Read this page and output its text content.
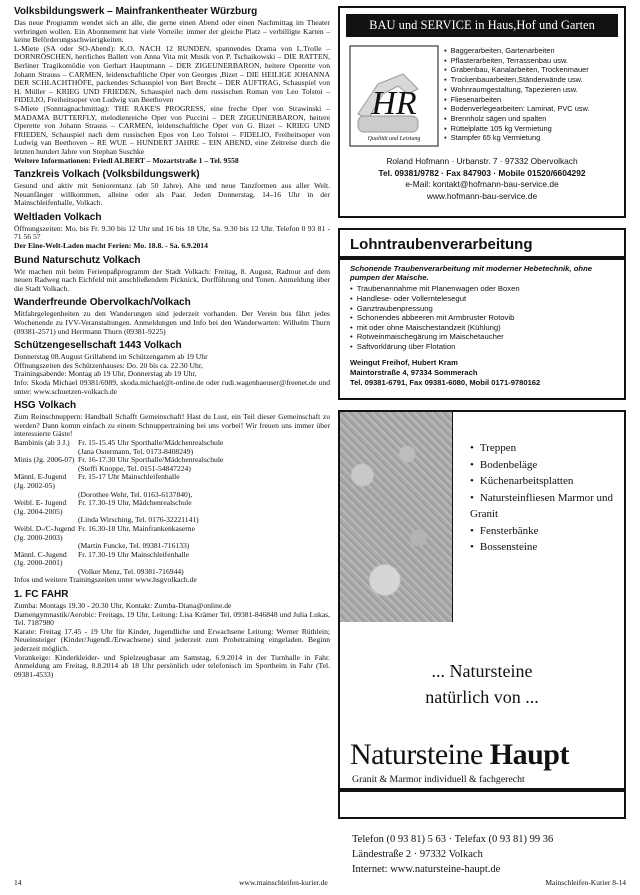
Volksbildungswerk – Mainfrankentheater Würzburg

Das neue Programm wendet sich an alle, die gerne einen Abend oder einen Nachmittag im Theater verbringen wollen. Ein Abonnement hat viele Vorteile: immer der gleiche Platz – verbilligte Karten – keine Beförderungsschwierigkeiten.

L-Miete (SA oder SO-Abend): K.O. NACH 12 RUNDEN, spannendes Drama von L.Trolle – DORNRÖSCHEN, herrliches Ballett von Anna Vita mit Musik von P. Tschaikowski – DIE RATTEN, Berliner Tragikomödie von Gerhart Hauptmann – DER ZIGEUNERBARON, heitere Operette von Johann Strauss – CARMEN, leidenschaftliche Oper von Georges ,Bizet – DIE HEILIGE JOHANNA DER SCHLACHTHÖFE, packendes Schauspiel von Bert Brecht – DER AUFTRAG, Schauspiel von H. Müller – KRIEG UND FRIEDEN, Schauspiel nach dem russischen Roman von Leo Tolstoi – FIDELIO, Freiheitsoper von Ludwig van Beethoven

S-Miete (Sonntagnachmittag): THE RAKE'S PROGRESS, eine freche Oper von Strawinski – MADAMA BUTTERFLY, melodienreiche Oper von Puccini – DER ZIGEUNERBARON, heitere Operette von Johann Strauss – CARMEN, leidenschaftliche Oper von G. Bizet – KRIEG UND FRIEDEN, Schauspiel nach dem russischen Epos von Leo Tolstoi – FIDELIO, Freiheitsoper von Ludwig van Beethoven – RE WUE – HUNDERT JAHRE – EIN ABEND, eine Zeitreise durch die letzten hundert Jahre von Stephan Suschke

Weitere Informationen: Friedl ALBERT – Mozartstraße 1 – Tel. 9558

Tanzkreis Volkach (Volksbildungswerk)

Gesund und aktiv mit Seniorentanz (ab 50 Jahre). Alte und neue Tanzformen aus aller Welt. Neuanfänger willkommen, alleine oder als Paar. Jeden Donnerstag, 14–16 Uhr in der Mainschleifenhalle, Volkach.

Weltladen Volkach

Öffnungszeiten: Mo. bis Fr. 9.30 bis 12 Uhr und 16 bis 18 Uhr, Sa. 9.30 bis 12 Uhr. Telefon 0 93 81 - 71 56 57

Der Eine-Welt-Laden macht Ferien: Mo. 18.8. - Sa. 6.9.2014

Bund Naturschutz Volkach

Wir machen mit beim Ferienpaßprogramm der Stadt Volkach: Freitag, 8. August, Radtour auf dem neuen Radweg nach Eichfeld mit anschließendem Picknick, Dorfführung und Tonen. Anmeldung über die Stadt Volkach.

Wanderfreunde Obervolkach/Volkach

Mitfahrgelegenheiten zu den Wanderungen sind jederzeit vorhanden. Der Verein bus fährt jedes Wochenende zu IVV-Veranstaltungen. Anmeldungen und Info bei den Wanderwarten: Wilhelm Thurn (09381-2571) und Herrmann Thurn (09381-9225)

Schützengesellschaft 1443 Volkach

Donnerstag 08.August Grillabend im Schützengarten ab 19 Uhr

Öffnungszeiten des Schützenhauses: Do. 20 bis ca. 22.30 Uhr,

Trainingsabende: Montag ab 19 Uhr, Donnerstag ab 19 Uhr,

Info: Skoda Michael 09381/6989, skoda.michael@t-online.de oder rudi.wagenhaeuser@freenet.de und unter: www.schuetzen-volkach.de

HSG Volkach

Zum Reinschnuppern: Handball Schafft Gemeinschaft! Hast du Lust, ein Teil dieser Gemeinschaft zu werden? Dann komm einfach zu einem Schnuppertraining bei uns vorbei! Wir freuen uns immer über interessierte Gäste!

Bambinis (ab 3 J.)	Fr. 15-15.45 Uhr Sporthalle/Mädchenrealschule
(Jana Ostermann, Tel. 0173-8408249)
Minis (Jg. 2006-07) Fr. 16-17.30 Uhr Sporthalle/Mädchenrealschule
(Steffi Knoppe, Tel. 0151-54847224)
Männl. E-Jugend (Jg. 2002-05)
Fr. 15-17 Uhr Mainschleifenhalle
(Dorothee Wehr, Tel. 0163-6137840),
Weibl. E- Jugend (Jg. 2004-2005)
Fr. 17.30-19 Uhr, Mädchenrealschule
(Linda Wirsching, Tel. 0176-32221141)
Weibl. D-/C-Jugend (Jg. 2000-2003)
Fr. 16.30-18 Uhr, Mainfrankenkaserne
(Martin Funcke, Tel. 09381-716133)
Männl. C-Jugend (Jg. 2000-2001)
Fr. 17.30-19 Uhr Mainschleifenhalle
(Volker Menz, Tel. 09381-716944)

Infos und weitere Trainingszeiten unter www.hsgvolkach.de

1. FC FAHR

Zumba: Montags 19.30 - 20.30 Uhr, Kontakt: Zumba-Diana@online.de

Damengymnastik/Aerobic: Freitags, 19 Uhr, Leitung: Lisa Krämer Tel. 09381-846848 und Julia Lukas, Tel. 7187980

Karate: Freitag 17.45 - 19 Uhr für Kinder, Jugendliche und Erwachsene Leitung: Werner Rüthlein; Neueinsteiger (Kinder/Jugendl./Erwachsene) sind jederzeit zum Probetraining eingeladen. Beginn jederzeit möglich.

Vorankeige: Kinderkleider- und Spielzeugbasar am Samstag, 6.9.2014 in der Turnhalle in Fahr. Anmeldung am Freitag, 8.8.2014 ab 18 Uhr persönlich oder telefonisch im Sportheim in Fahr (Tel. 09381-4533)

BAU und SERVICE in Haus,Hof und Garten
HR
Qualität und Leistung
▪ Baggerarbeiten, Gartenarbeiten
▪ Pflasterarbeiten, Terrassenbau usw.
▪ Grabenbau, Kanalarbeiten, Trockenmauer
▪ Trockenbauarbeiten,Ständerwände usw.
▪ Wohnraumgestaltung, Tapezieren usw.
▪ Fliesenarbeiten
▪ Bodenverlegearbeiten: Laminat, PVC usw.
▪ Brennholz sägen und spalten
▪ Rüttelplatte 105 kg Vermietung
▪ Stampfer 65 kg Vermietung
Roland Hofmann · Urbanstr. 7 · 97332 Obervolkach
Tel. 09381/9782 · Fax 847903 · Mobile 01520/6604292
e-Mail: kontakt@hofmann-bau-service.de
www.hofmann-bau-service.de
Lohntraubenverarbeitung
Schonende Traubenverarbeitung mit moderner Hebetechnik, ohne pumpen der Maische.
• Traubenannahme mit Planenwagen oder Boxen
• Handlese- oder Vollerntelesegut
• Ganztraubenpressung
• Schonendes abbeeren mit Armbruster Rotovib
• mit oder ohne Maischestandzeit (Kühlung)
• Rotweinmaischegärung im Maischetaucher
• Saftvorklärung über Flotation
Weingut Freihof, Hubert Kram
Maintorstraße 4, 97334 Sommerach
Tel. 09381-6791, Fax 09381-6080, Mobil 0171-9780162
• Treppen
• Bodenbeläge
• Küchenarbeitsplatten
• Natursteinfliesen Marmor und Granit
• Fensterbänke
• Bossensteine
... Natursteine
natürlich von ...
Natursteine Haupt
Granit & Marmor individuell & fachgerecht
Telefon (0 93 81) 5 63 · Telefax (0 93 81) 99 36
Ländestraße 2 · 97332 Volkach
Internet: www.natursteine-haupt.de
14	www.mainschleifen-kurier.de	Mainschleifen-Kurier 8-14
